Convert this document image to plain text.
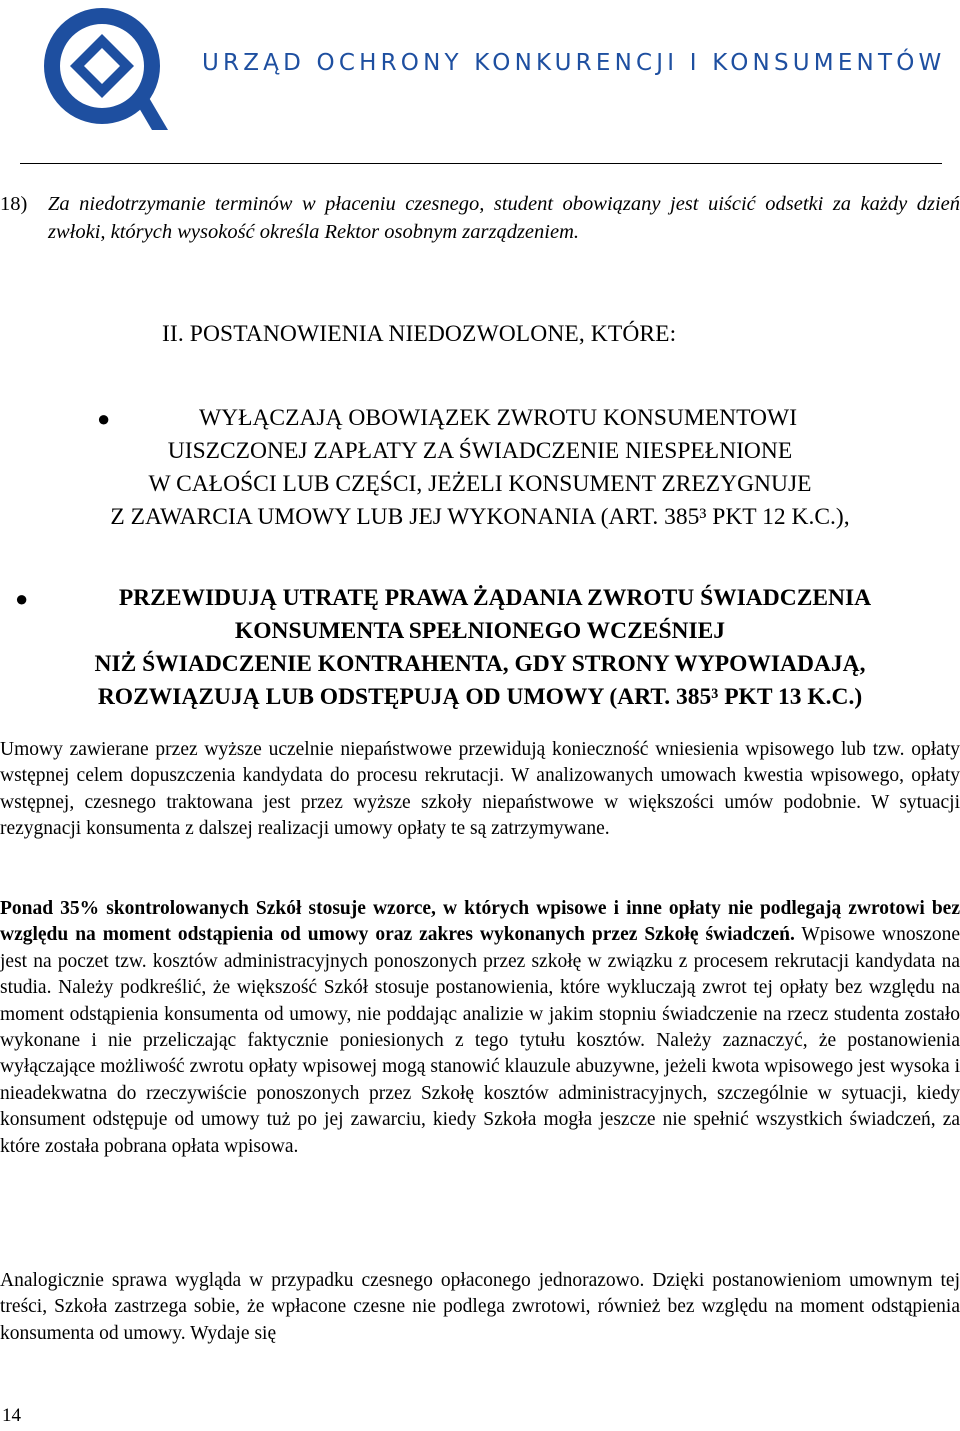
URZĄD OCHRONY KONKURENCJI I KONSUMENTÓW
18) Za niedotrzymanie terminów w płaceniu czesnego, student obowiązany jest uiścić odsetki za każdy dzień zwłoki, których wysokość określa Rektor osobnym zarządzeniem.
II. POSTANOWIENIA NIEDOZWOLONE, KTÓRE:
●	WYŁĄCZAJĄ OBOWIĄZEK ZWROTU KONSUMENTOWI
UISZCZONEJ ZAPŁATY ZA ŚWIADCZENIE NIESPEŁNIONE
W CAŁOŚCI LUB CZĘŚCI, JEŻELI KONSUMENT ZREZYGNUJE
Z ZAWARCIA UMOWY LUB JEJ WYKONANIA (ART. 385³ PKT 12 K.C.),
●	PRZEWIDUJĄ UTRATĘ PRAWA ŻĄDANIA ZWROTU ŚWIADCZENIA
KONSUMENTA SPEŁNIONEGO WCZEŚNIEJ
NIŻ ŚWIADCZENIE KONTRAHENTA, GDY STRONY WYPOWIADAJĄ,
ROZWIĄZUJĄ LUB ODSTĘPUJĄ OD UMOWY (ART. 385³ PKT 13 K.C.)
Umowy zawierane przez wyższe uczelnie niepaństwowe przewidują konieczność wniesienia wpisowego lub tzw. opłaty wstępnej celem dopuszczenia kandydata do procesu rekrutacji. W analizowanych umowach kwestia wpisowego, opłaty wstępnej, czesnego traktowana jest przez wyższe szkoły niepaństwowe w większości umów podobnie. W sytuacji rezygnacji konsumenta z dalszej realizacji umowy opłaty te są zatrzymywane.
Ponad 35% skontrolowanych Szkół stosuje wzorce, w których wpisowe i inne opłaty nie podlegają zwrotowi bez względu na moment odstąpienia od umowy oraz zakres wykonanych przez Szkołę świadczeń. Wpisowe wnoszone jest na poczet tzw. kosztów administracyjnych ponoszonych przez szkołę w związku z procesem rekrutacji kandydata na studia. Należy podkreślić, że większość Szkół stosuje postanowienia, które wykluczają zwrot tej opłaty bez względu na moment odstąpienia konsumenta od umowy, nie poddając analizie w jakim stopniu świadczenie na rzecz studenta zostało wykonane i nie przeliczając faktycznie poniesionych z tego tytułu kosztów. Należy zaznaczyć, że postanowienia wyłączające możliwość zwrotu opłaty wpisowej mogą stanowić klauzule abuzywne, jeżeli kwota wpisowego jest wysoka i nieadekwatna do rzeczywiście ponoszonych przez Szkołę kosztów administracyjnych, szczególnie w sytuacji, kiedy konsument odstępuje od umowy tuż po jej zawarciu, kiedy Szkoła mogła jeszcze nie spełnić wszystkich świadczeń, za które została pobrana opłata wpisowa.
Analogicznie sprawa wygląda w przypadku czesnego opłaconego jednorazowo. Dzięki postanowieniom umownym tej treści, Szkoła zastrzega sobie, że wpłacone czesne nie podlega zwrotowi, również bez względu na moment odstąpienia konsumenta od umowy. Wydaje się
14
